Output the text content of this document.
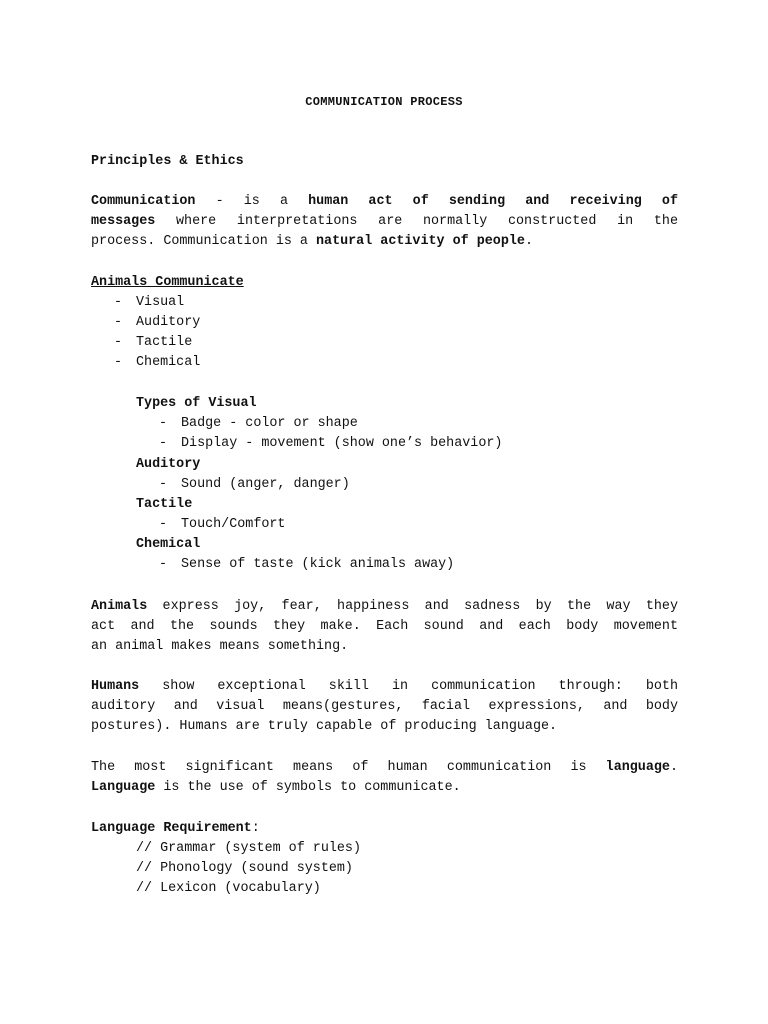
COMMUNICATION PROCESS
Principles & Ethics
Communication - is a human act of sending and receiving of
messages where interpretations are normally constructed in the
process. Communication is a natural activity of people.
Animals Communicate
- Visual
- Auditory
- Tactile
- Chemical
Types of Visual
- Badge - color or shape
- Display - movement (show one’s behavior)
Auditory
- Sound (anger, danger)
Tactile
- Touch/Comfort
Chemical
- Sense of taste (kick animals away)
Animals express joy, fear, happiness and sadness by the way they
act and the sounds they make. Each sound and each body movement
an animal makes means something.
Humans show exceptional skill in communication through: both
auditory and visual means(gestures, facial expressions, and body
postures). Humans are truly capable of producing language.
The most significant means of human communication is language.
Language is the use of symbols to communicate.
Language Requirement:
// Grammar (system of rules)
// Phonology (sound system)
// Lexicon (vocabulary)
